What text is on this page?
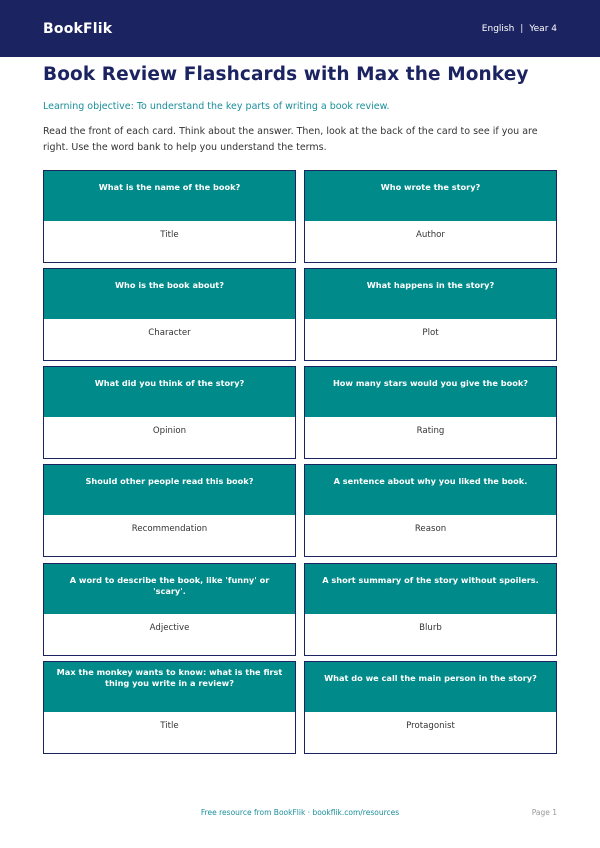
BookFlik	English | Year 4
Book Review Flashcards with Max the Monkey

Learning objective: To understand the key parts of writing a book review.

Read the front of each card. Think about the answer. Then, look at the back of the card to see if you are right. Use the word bank to help you understand the terms.

What is the name of the book?
Title
Who wrote the story?
Author
Who is the book about?
Character
What happens in the story?
Plot
What did you think of the story?
Opinion
How many stars would you give the book?
Rating
Should other people read this book?
Recommendation
A sentence about why you liked the book.
Reason
A word to describe the book, like 'funny' or 'scary'.
Adjective
A short summary of the story without spoilers.
Blurb
Max the monkey wants to know: what is the first thing you write in a review?
Title
What do we call the main person in the story?
Protagonist
Free resource from BookFlik · bookflik.com/resources	Page 1
